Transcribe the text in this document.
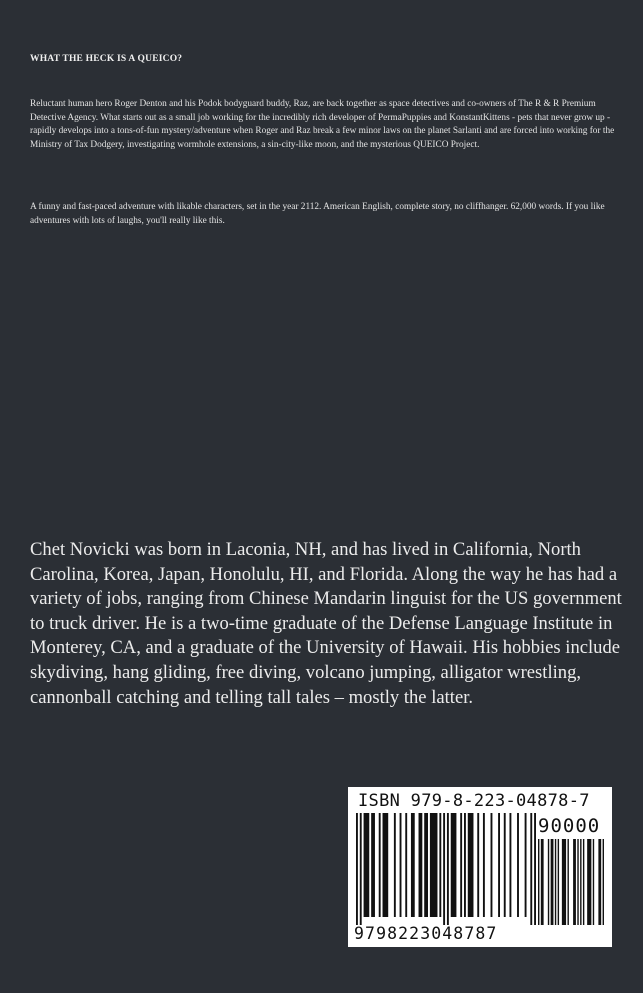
WHAT THE HECK IS A QUEICO?

Reluctant human hero Roger Denton and his Podok bodyguard buddy, Raz, are back together as space detectives and co-owners of The R & R Premium Detective Agency. What starts out as a small job working for the incredibly rich developer of PermaPuppies and KonstantKittens - pets that never grow up - rapidly develops into a tons-of-fun mystery/adventure when Roger and Raz break a few minor laws on the planet Sarlanti and are forced into working for the Ministry of Tax Dodgery, investigating wormhole extensions, a sin-city-like moon, and the mysterious QUEICO Project.

A funny and fast-paced adventure with likable characters, set in the year 2112. American English, complete story, no cliffhanger. 62,000 words. If you like adventures with lots of laughs, you'll really like this.

Chet Novicki was born in Laconia, NH, and has lived in California, North Carolina, Korea, Japan, Honolulu, HI, and Florida. Along the way he has had a variety of jobs, ranging from Chinese Mandarin linguist for the US government to truck driver. He is a two-time graduate of the Defense Language Institute in Monterey, CA, and a graduate of the University of Hawaii. His hobbies include skydiving, hang gliding, free diving, volcano jumping, alligator wrestling, cannonball catching and telling tall tales – mostly the latter.

ISBN 979-8-223-04878-7
90000
9798223048787
